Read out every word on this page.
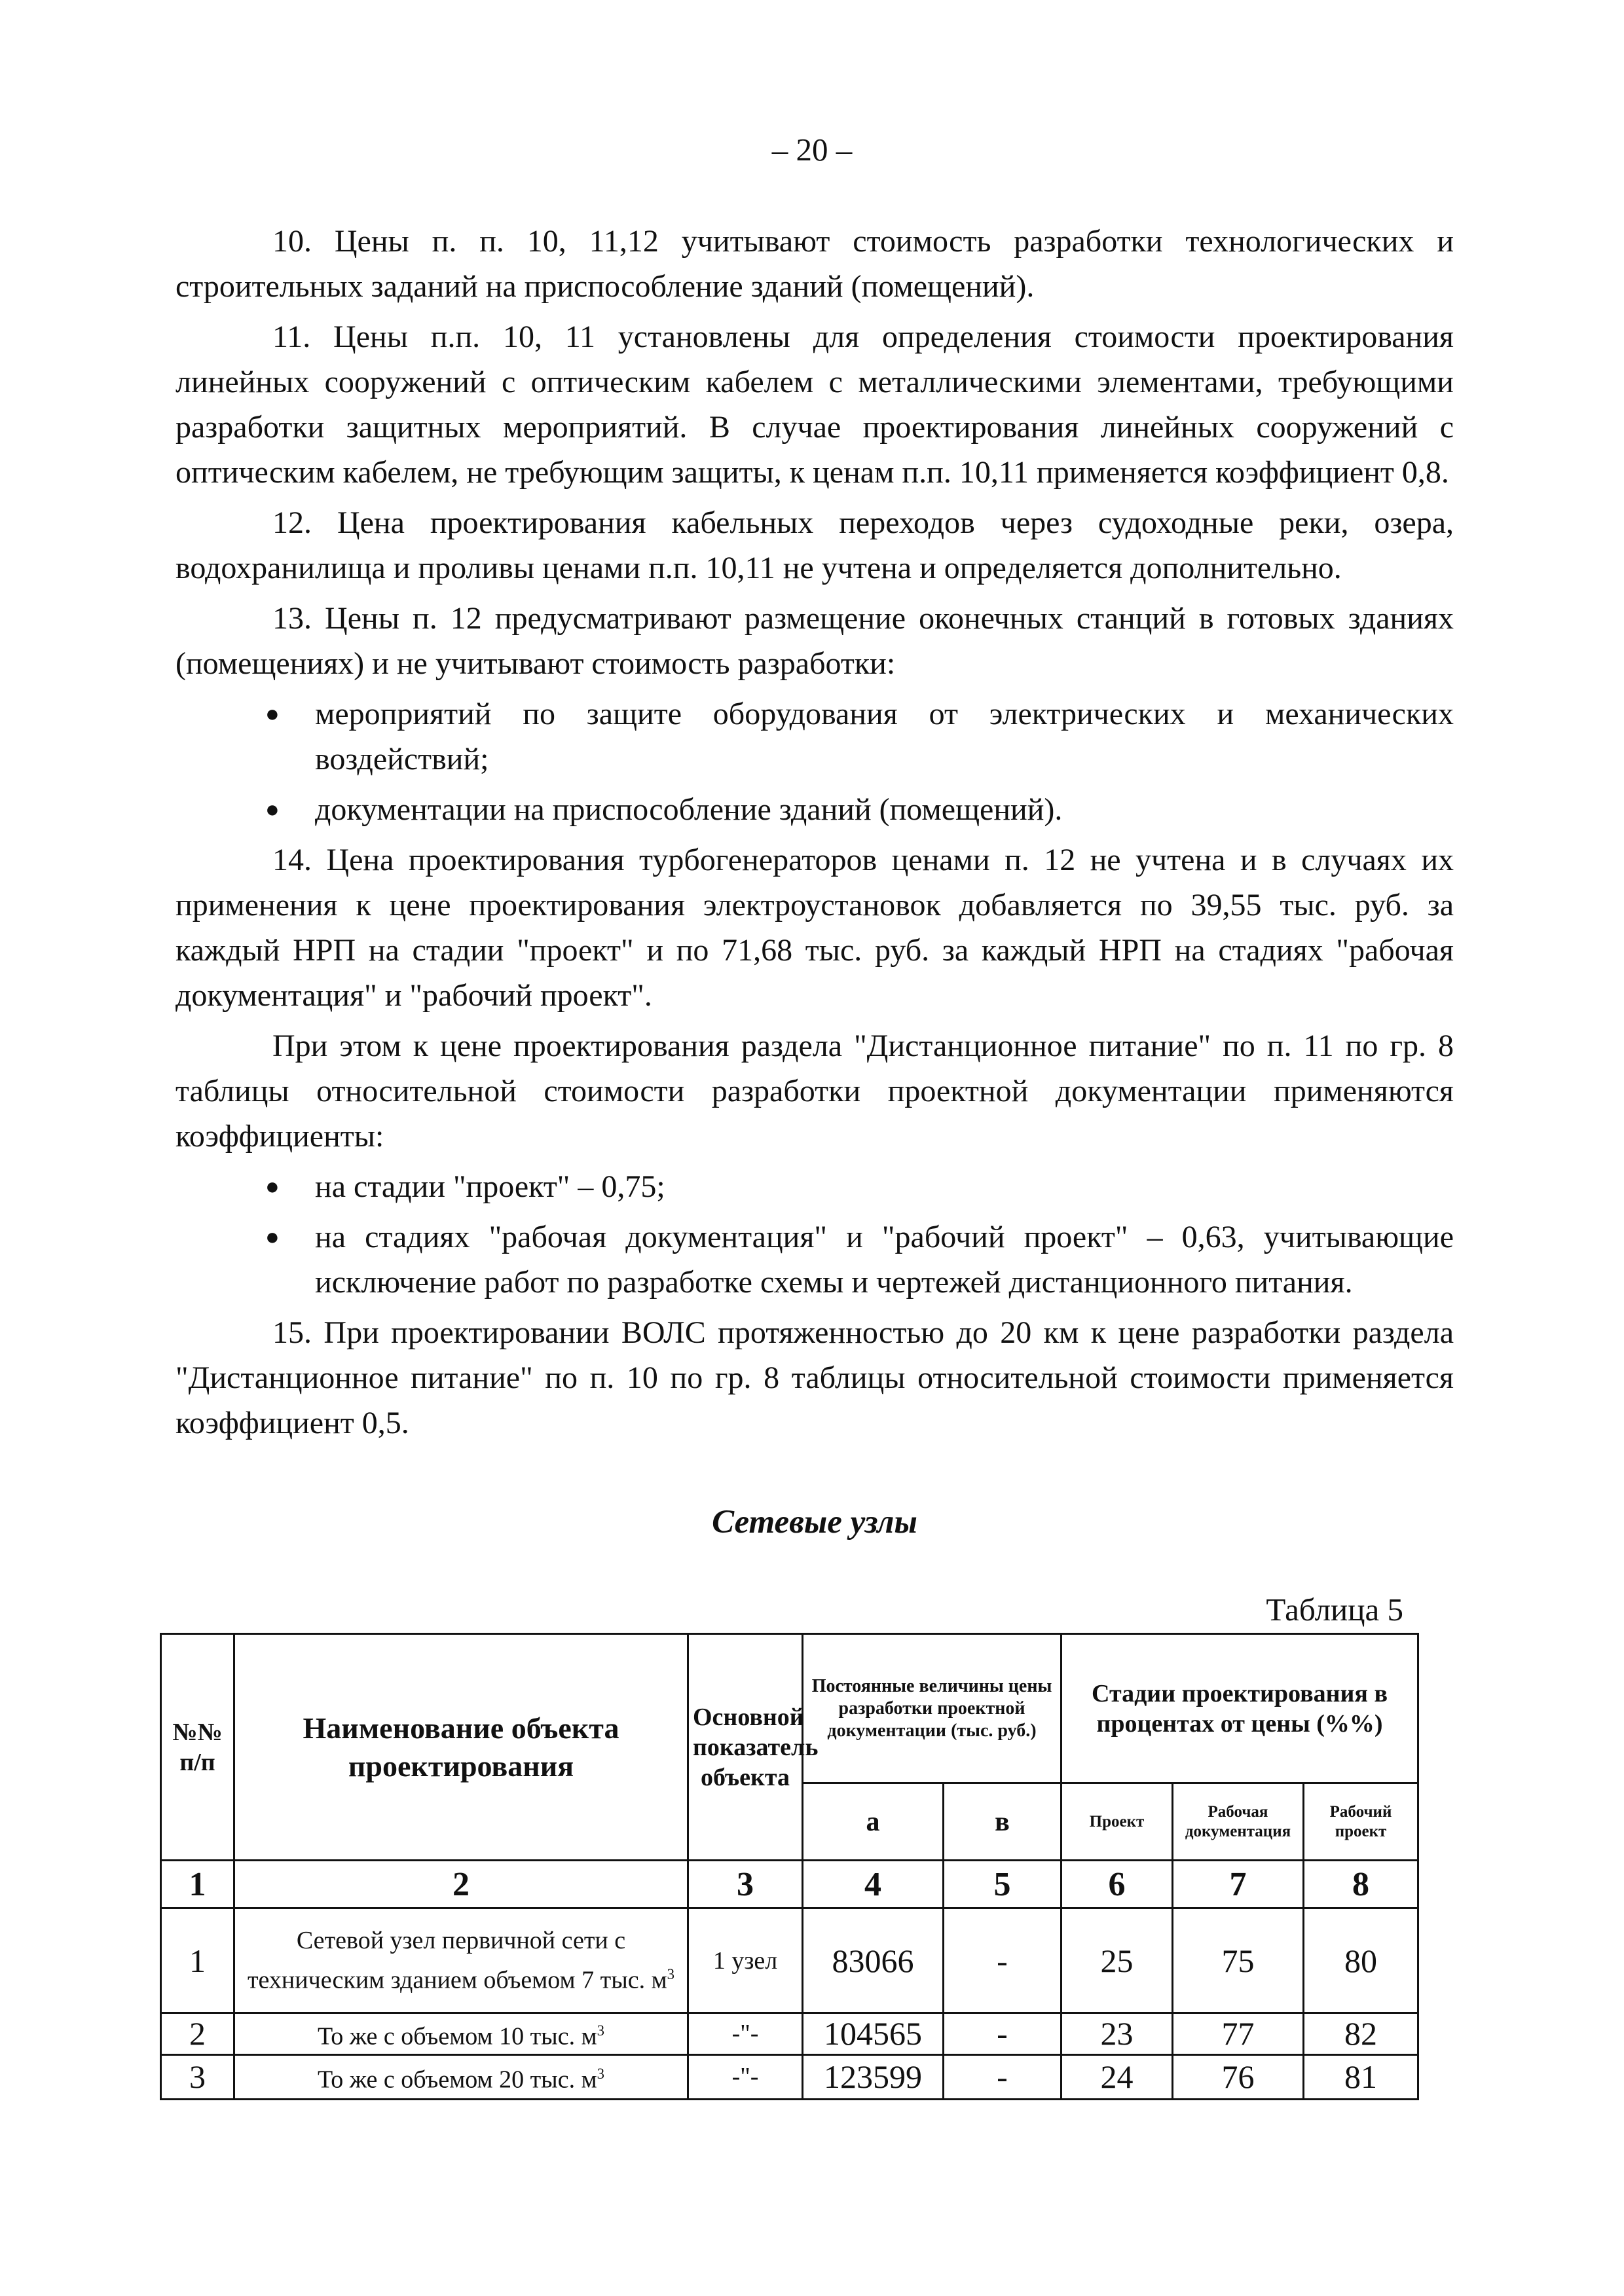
– 20 –

10. Цены п. п. 10, 11,12 учитывают стоимость разработки технологических и строительных заданий на приспособление зданий (помещений).

11. Цены п.п. 10, 11 установлены для определения стоимости проектирования линейных сооружений с оптическим кабелем с металлическими элементами, требующими разработки защитных мероприятий. В случае проектирования линейных сооружений с оптическим кабелем, не требующим защиты, к ценам п.п. 10,11 применяется коэффициент 0,8.

12. Цена проектирования кабельных переходов через судоходные реки, озера, водохранилища и проливы ценами п.п. 10,11 не учтена и определяется дополнительно.

13. Цены п. 12 предусматривают размещение оконечных станций в готовых зданиях (помещениях) и не учитывают стоимость разработки:

● мероприятий по защите оборудования от электрических и механических воздействий;
● документации на приспособление зданий (помещений).

14. Цена проектирования турбогенераторов ценами п. 12 не учтена и в случаях их применения к цене проектирования электроустановок добавляется по 39,55 тыс. руб. за каждый НРП на стадии "проект" и по 71,68 тыс. руб. за каждый НРП на стадиях "рабочая документация" и "рабочий проект".

При этом к цене проектирования раздела "Дистанционное питание" по п. 11 по гр. 8 таблицы относительной стоимости разработки проектной документации применяются коэффициенты:

● на стадии "проект" – 0,75;
● на стадиях "рабочая документация" и "рабочий проект" – 0,63, учитывающие исключение работ по разработке схемы и чертежей дистанционного питания.

15. При проектировании ВОЛС протяженностью до 20 км к цене разработки раздела "Дистанционное питание" по п. 10 по гр. 8 таблицы относительной стоимости применяется коэффициент 0,5.

Сетевые узлы
Таблица 5
№№ п/п	Наименование объекта проектирования	Основной показатель объекта	Постоянные величины цены разработки проектной документации (тыс. руб.)		Стадии проектирования в процентах от цены (%%)		
			а	в	Проект	Рабочая документация	Рабочий проект
1	2	3	4	5	6	7	8
1	Сетевой узел первичной сети с техническим зданием объемом 7 тыс. $м^3$	1 узел	83066	-	25	75	80
2	То же с объемом 10 тыс. $м^3$	-"-	104565	-	23	77	82
3	То же с объемом 20 тыс. $м^3$	-"-	123599	-	24	76	81
